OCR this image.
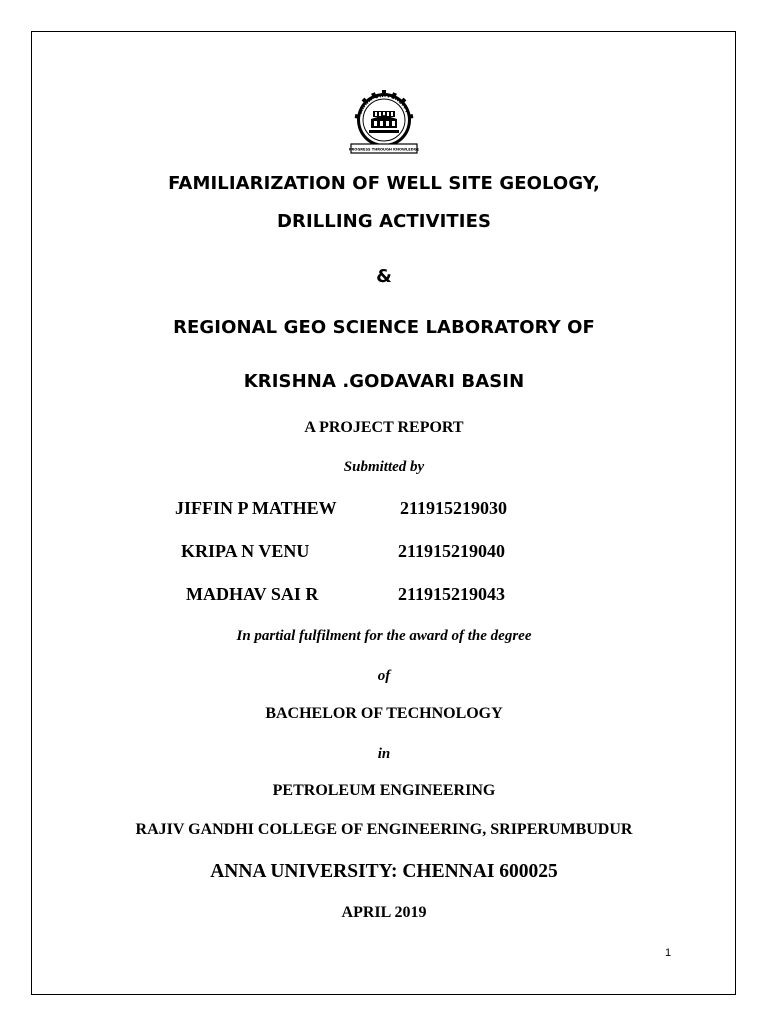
ANNA UNIVERSITY
PROGRESS THROUGH KNOWLEDGE
FAMILIARIZATION OF WELL SITE GEOLOGY,
DRILLING ACTIVITIES
&
REGIONAL GEO SCIENCE LABORATORY OF
KRISHNA .GODAVARI BASIN
A PROJECT REPORT
Submitted by
JIFFIN P MATHEW	211915219030
KRIPA N VENU	211915219040
MADHAV SAI R	211915219043
In partial fulfilment for the award of the degree
of
BACHELOR OF TECHNOLOGY
in
PETROLEUM ENGINEERING
RAJIV GANDHI COLLEGE OF ENGINEERING, SRIPERUMBUDUR
ANNA UNIVERSITY: CHENNAI 600025
APRIL 2019
1
